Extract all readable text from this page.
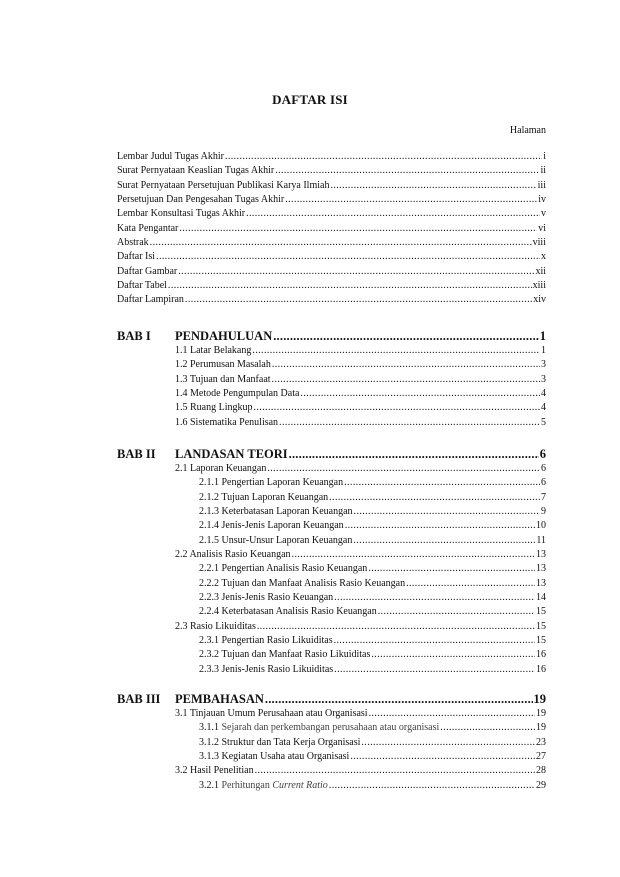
DAFTAR ISI
Halaman
Lembar Judul Tugas Akhir .....	i
Surat Pernyataan Keaslian Tugas Akhir .....	ii
Surat Pernyataan Persetujuan Publikasi Karya Ilmiah .....	iii
Persetujuan Dan Pengesahan Tugas Akhir .....	iv
Lembar Konsultasi Tugas Akhir .....	v
Kata Pengantar .....	vi
Abstrak .....	viii
Daftar Isi .....	x
Daftar Gambar .....	xii
Daftar Tabel .....	xiii
Daftar Lampiran .....	xiv
BAB I	PENDAHULUAN .....	1
1.1 Latar Belakang .....	1
1.2 Perumusan Masalah .....	3
1.3 Tujuan dan Manfaat .....	3
1.4 Metode Pengumpulan Data .....	4
1.5 Ruang Lingkup .....	4
1.6 Sistematika Penulisan .....	5
BAB II	LANDASAN TEORI .....	6
2.1 Laporan Keuangan .....	6
2.1.1 Pengertian Laporan Keuangan .....	6
2.1.2 Tujuan Laporan Keuangan .....	7
2.1.3 Keterbatasan Laporan Keuangan .....	9
2.1.4 Jenis-Jenis Laporan Keuangan .....	10
2.1.5 Unsur-Unsur Laporan Keuangan .....	11
2.2 Analisis Rasio Keuangan .....	13
2.2.1 Pengertian Analisis Rasio Keuangan .....	13
2.2.2 Tujuan dan Manfaat Analisis Rasio Keuangan .....	13
2.2.3 Jenis-Jenis Rasio Keuangan .....	14
2.2.4 Keterbatasan Analisis Rasio Keuangan .....	15
2.3 Rasio Likuiditas .....	15
2.3.1 Pengertian Rasio Likuiditas .....	15
2.3.2 Tujuan dan Manfaat Rasio Likuiditas .....	16
2.3.3 Jenis-Jenis Rasio Likuiditas .....	16
BAB III	PEMBAHASAN .....	19
3.1 Tinjauan Umum Perusahaan atau Organisasi .....	19
3.1.1 Sejarah dan perkembangan perusahaan atau organisasi .....	19
3.1.2 Struktur dan Tata Kerja Organisasi .....	23
3.1.3 Kegiatan Usaha atau Organisasi .....	27
3.2 Hasil Penelitian .....	28
3.2.1 Perhitungan Current Ratio .....	29
